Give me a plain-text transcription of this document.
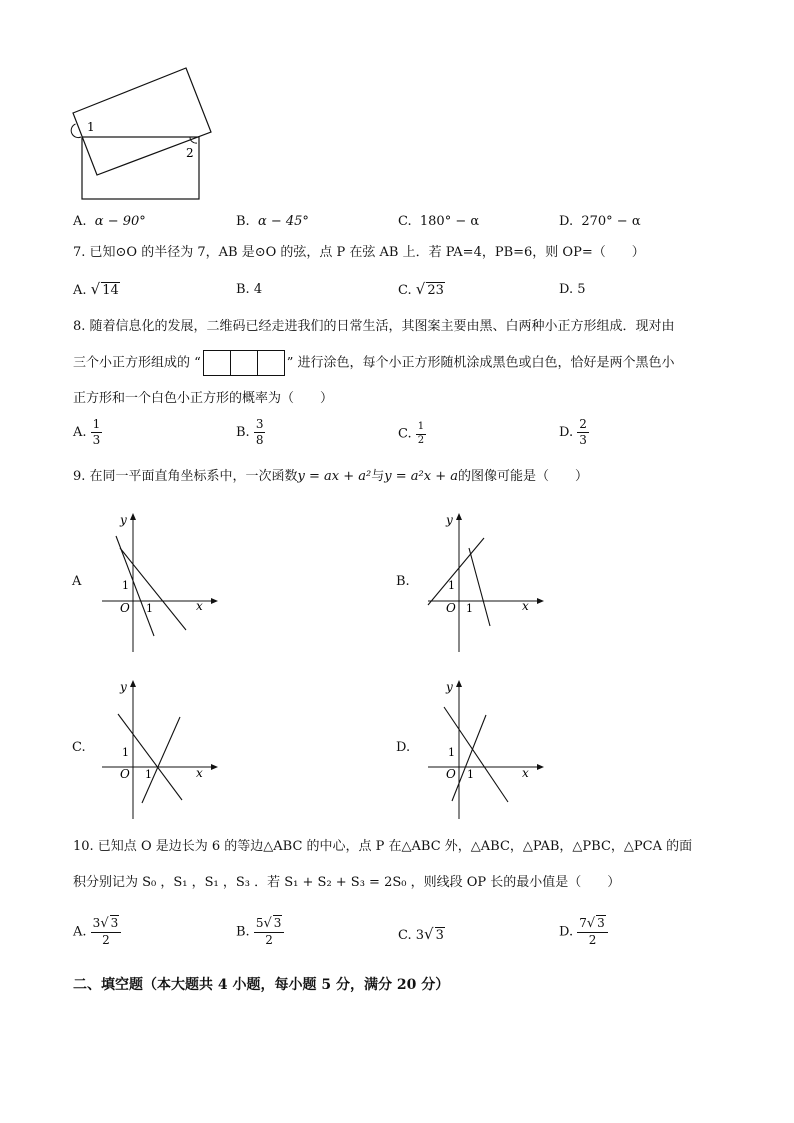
1
2
A. α − 90°	B. α − 45°	C. 180° − α	D. 270° − α
7. 已知⊙O 的半径为 7，AB 是⊙O 的弦，点 P 在弦 AB 上．若 PA=4，PB=6，则 OP=（　　）
A. √ 14	B. 4	C. √ 23	D. 5
8. 随着信息化的发展，二维码已经走进我们的日常生活，其图案主要由黑、白两种小正方形组成．现对由
三个小正方形组成的 “	” 进行涂色，每个小正方形随机涂成黑色或白色，恰好是两个黑色小
正方形和一个白色小正方形的概率为（　　）
A. $\frac{1}{3}$	B. $\frac{3}{8}$	C. $\frac{1}{2}$	D. $\frac{2}{3}$
9. 在同一平面直角坐标系中，一次函数y = ax + a²与y = a²x + a的图像可能是（　　）
A
y
x
O
1
1
B.
y
x
O
1
1
C.
y
x
O
1
1
D.
y
x
O
1
1
10. 已知点 O 是边长为 6 的等边△ABC 的中心，点 P 在△ABC 外，△ABC，△PAB，△PBC，△PCA 的面
积分别记为 S₀ ，S₁ ，S₁ ，S₃ ．若 S₁ + S₂ + S₃ = 2S₀ ，则线段 OP 长的最小值是（　　）
A. $\frac{3√ 3}{2}$	B. $\frac{5√ 3}{2}$	C. 3√ 3	D. $\frac{7√ 3}{2}$
二、填空题（本大题共 4 小题，每小题 5 分，满分 20 分）
